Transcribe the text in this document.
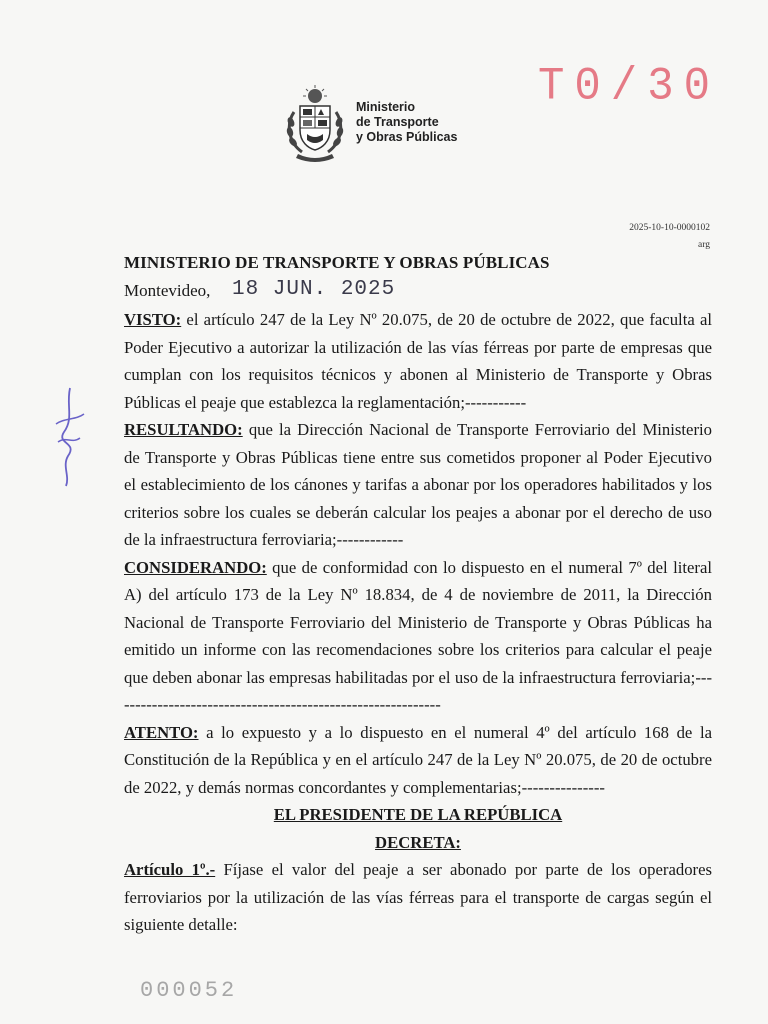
Ministerio
de Transporte
y Obras Públicas
T0/30
2025-10-10-0000102
arg
MINISTERIO DE TRANSPORTE Y OBRAS PÚBLICAS
Montevideo, 18 JUN. 2025

VISTO: el artículo 247 de la Ley Nº 20.075, de 20 de octubre de 2022, que faculta al Poder Ejecutivo a autorizar la utilización de las vías férreas por parte de empresas que cumplan con los requisitos técnicos y abonen al Ministerio de Transporte y Obras Públicas el peaje que establezca la reglamentación;-----------

RESULTANDO: que la Dirección Nacional de Transporte Ferroviario del Ministerio de Transporte y Obras Públicas tiene entre sus cometidos proponer al Poder Ejecutivo el establecimiento de los cánones y tarifas a abonar por los operadores habilitados y los criterios sobre los cuales se deberán calcular los peajes a abonar por el derecho de uso de la infraestructura ferroviaria;------------

CONSIDERANDO: que de conformidad con lo dispuesto en el numeral 7º del literal A) del artículo 173 de la Ley Nº 18.834, de 4 de noviembre de 2011, la Dirección Nacional de Transporte Ferroviario del Ministerio de Transporte y Obras Públicas ha emitido un informe con las recomendaciones sobre los criterios para calcular el peaje que deben abonar las empresas habilitadas por el uso de la infraestructura ferroviaria;------------------------------------------------------------

ATENTO: a lo expuesto y a lo dispuesto en el numeral 4º del artículo 168 de la Constitución de la República y en el artículo 247 de la Ley Nº 20.075, de 20 de octubre de 2022, y demás normas concordantes y complementarias;---------------

EL PRESIDENTE DE LA REPÚBLICA

DECRETA:

Artículo 1º.- Fíjase el valor del peaje a ser abonado por parte de los operadores ferroviarios por la utilización de las vías férreas para el transporte de cargas según el siguiente detalle:

000052
